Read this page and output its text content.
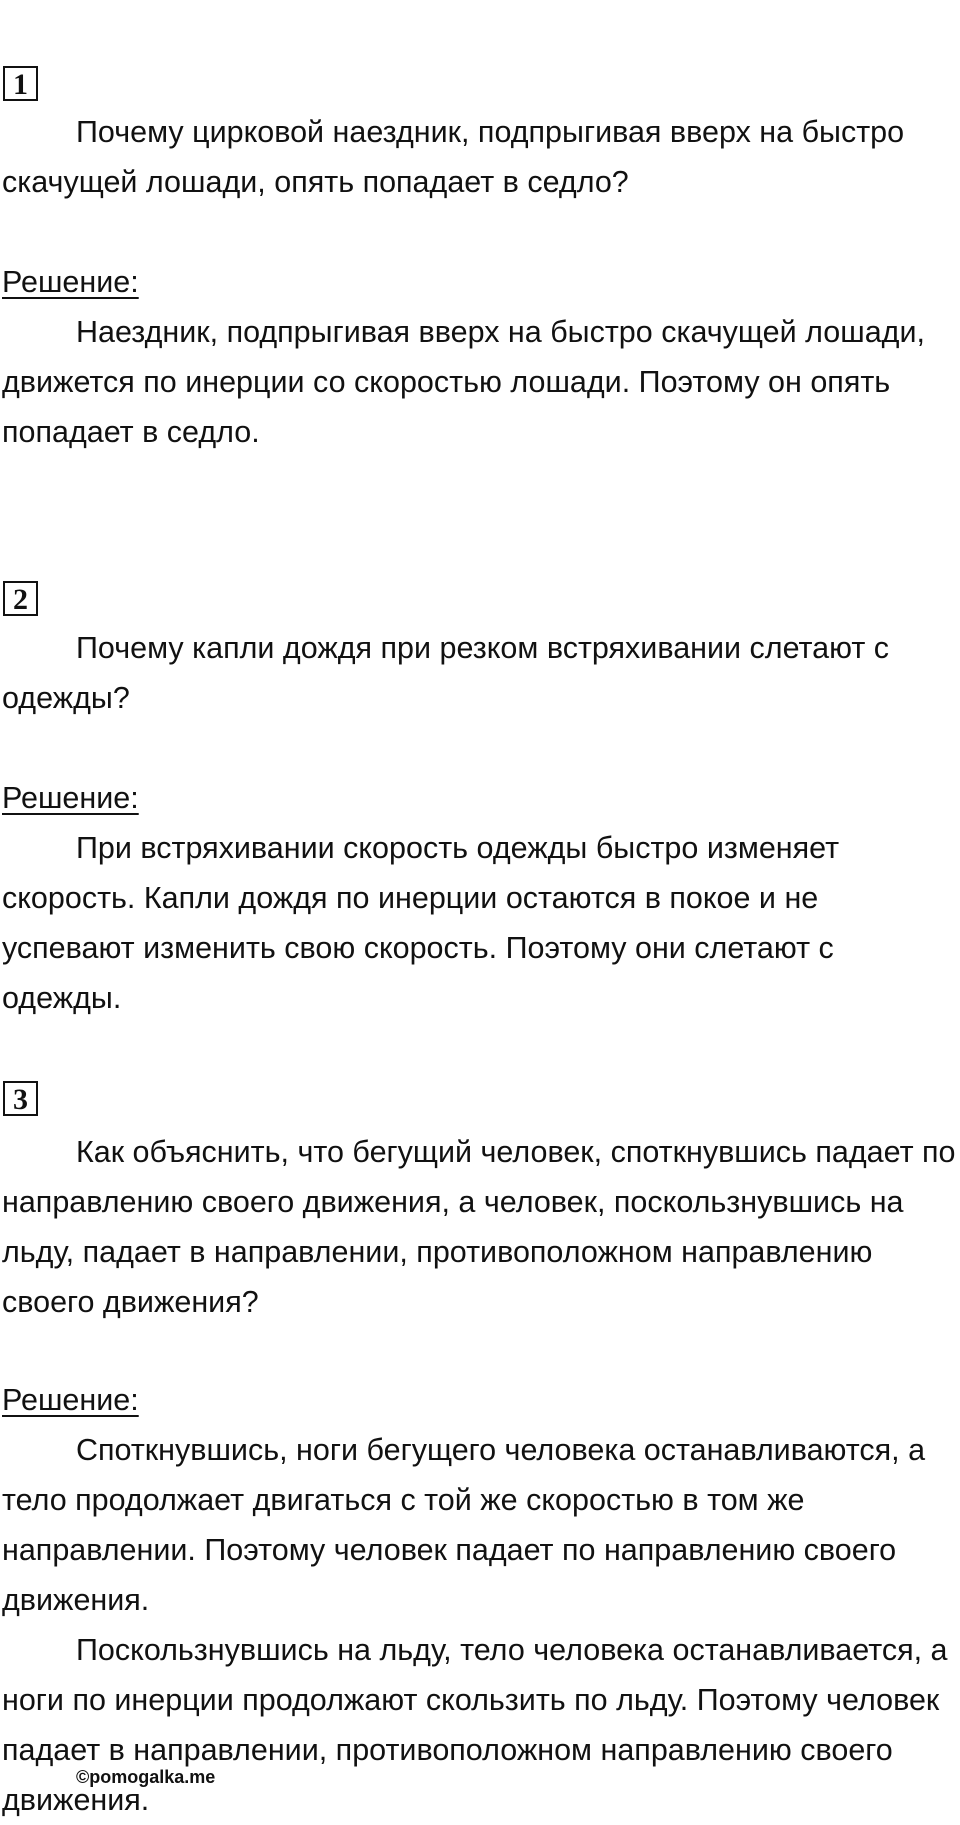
1

Почему цирковой наездник, подпрыгивая вверх на быстро скачущей лошади, опять попадает в седло?

Решение:

Наездник, подпрыгивая вверх на быстро скачущей лошади, движется по инерции со скоростью лошади. Поэтому он опять попадает в седло.

2

Почему капли дождя при резком встряхивании слетают с одежды?

Решение:

При встряхивании скорость одежды быстро изменяет скорость. Капли дождя по инерции остаются в покое и не успевают изменить свою скорость. Поэтому они слетают с одежды.

3

Как объяснить, что бегущий человек, споткнувшись падает по направлению своего движения, а человек, поскользнувшись на льду, падает в направлении, противоположном направлению своего движения?

Решение:

Споткнувшись, ноги бегущего человека останавливаются, а тело продолжает двигаться с той же скоростью в том же направлении. Поэтому человек падает по направлению своего движения.

Поскользнувшись на льду, тело человека останавливается, а ноги по инерции продолжают скользить по льду. Поэтому человек падает в направлении, противоположном направлению своего движения.

©pomogalka.me
